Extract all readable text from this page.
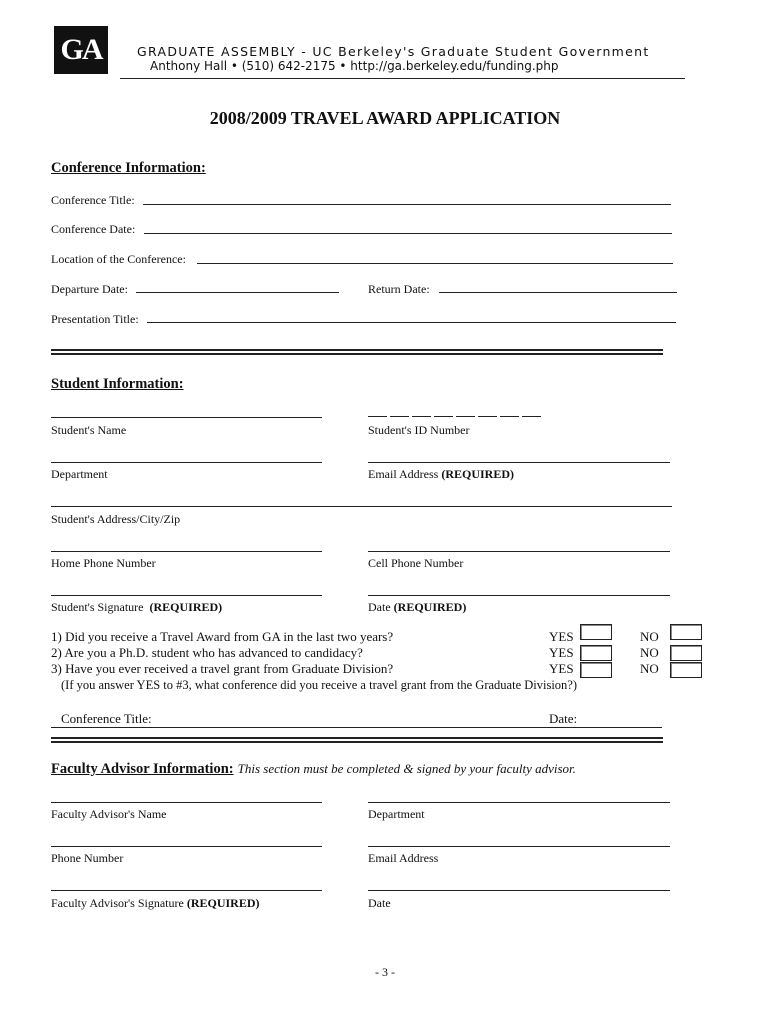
GA	GRADUATE ASSEMBLY - UC Berkeley's Graduate Student Government
Anthony Hall • (510) 642-2175 • http://ga.berkeley.edu/funding.php
2008/2009 TRAVEL AWARD APPLICATION
Conference Information:
Conference Title:
Conference Date:
Location of the Conference:
Departure Date:	Return Date:
Presentation Title:
Student Information:
Student's Name	Student's ID Number
Department	Email Address (REQUIRED)
Student's Address/City/Zip
Home Phone Number	Cell Phone Number
Student's Signature (REQUIRED)	Date (REQUIRED)
1) Did you receive a Travel Award from GA in the last two years?	YES	NO
2) Are you a Ph.D. student who has advanced to candidacy?	YES	NO
3) Have you ever received a travel grant from Graduate Division?	YES	NO
(If you answer YES to #3, what conference did you receive a travel grant from the Graduate Division?)
Conference Title:	Date:
Faculty Advisor Information: This section must be completed & signed by your faculty advisor.
Faculty Advisor's Name	Department
Phone Number	Email Address
Faculty Advisor's Signature (REQUIRED)	Date
- 3 -
